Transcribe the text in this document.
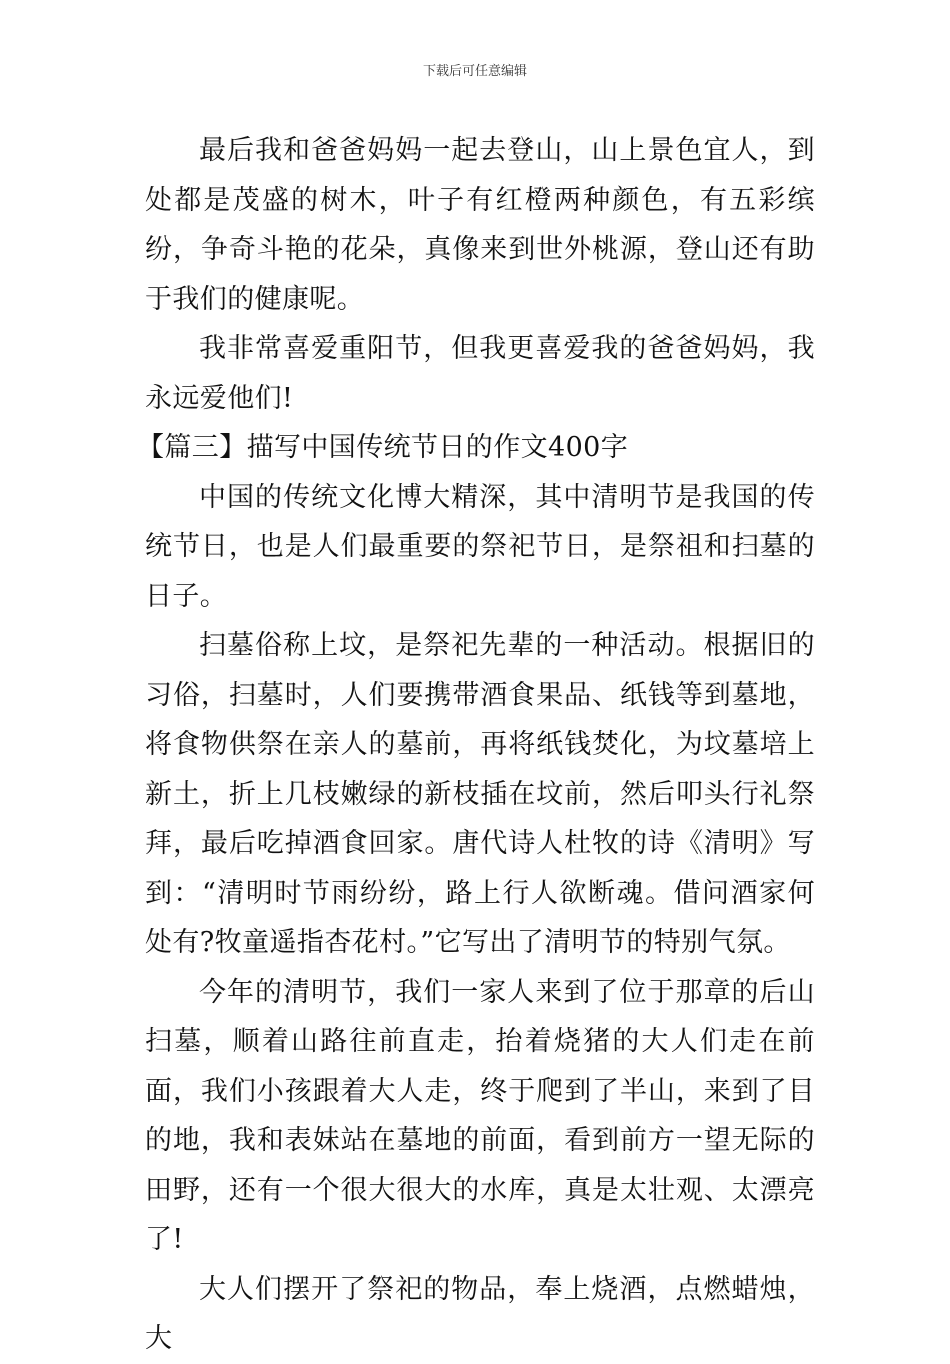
下载后可任意编辑

最后我和爸爸妈妈一起去登山，山上景色宜人，到处都是茂盛的树木，叶子有红橙两种颜色，有五彩缤纷，争奇斗艳的花朵，真像来到世外桃源，登山还有助于我们的健康呢。

我非常喜爱重阳节，但我更喜爱我的爸爸妈妈，我永远爱他们!

【篇三】描写中国传统节日的作文400字

中国的传统文化博大精深，其中清明节是我国的传统节日，也是人们最重要的祭祀节日，是祭祖和扫墓的日子。

扫墓俗称上坟，是祭祀先辈的一种活动。根据旧的习俗，扫墓时，人们要携带酒食果品、纸钱等到墓地，将食物供祭在亲人的墓前，再将纸钱焚化，为坟墓培上新土，折上几枝嫩绿的新枝插在坟前，然后叩头行礼祭拜，最后吃掉酒食回家。唐代诗人杜牧的诗《清明》写到：“清明时节雨纷纷，路上行人欲断魂。借问酒家何处有?牧童遥指杏花村。”它写出了清明节的特别气氛。

今年的清明节，我们一家人来到了位于那章的后山扫墓，顺着山路往前直走，抬着烧猪的大人们走在前面，我们小孩跟着大人走，终于爬到了半山，来到了目的地，我和表妹站在墓地的前面，看到前方一望无际的田野，还有一个很大很大的水库，真是太壮观、太漂亮了!

大人们摆开了祭祀的物品，奉上烧酒，点燃蜡烛，大
